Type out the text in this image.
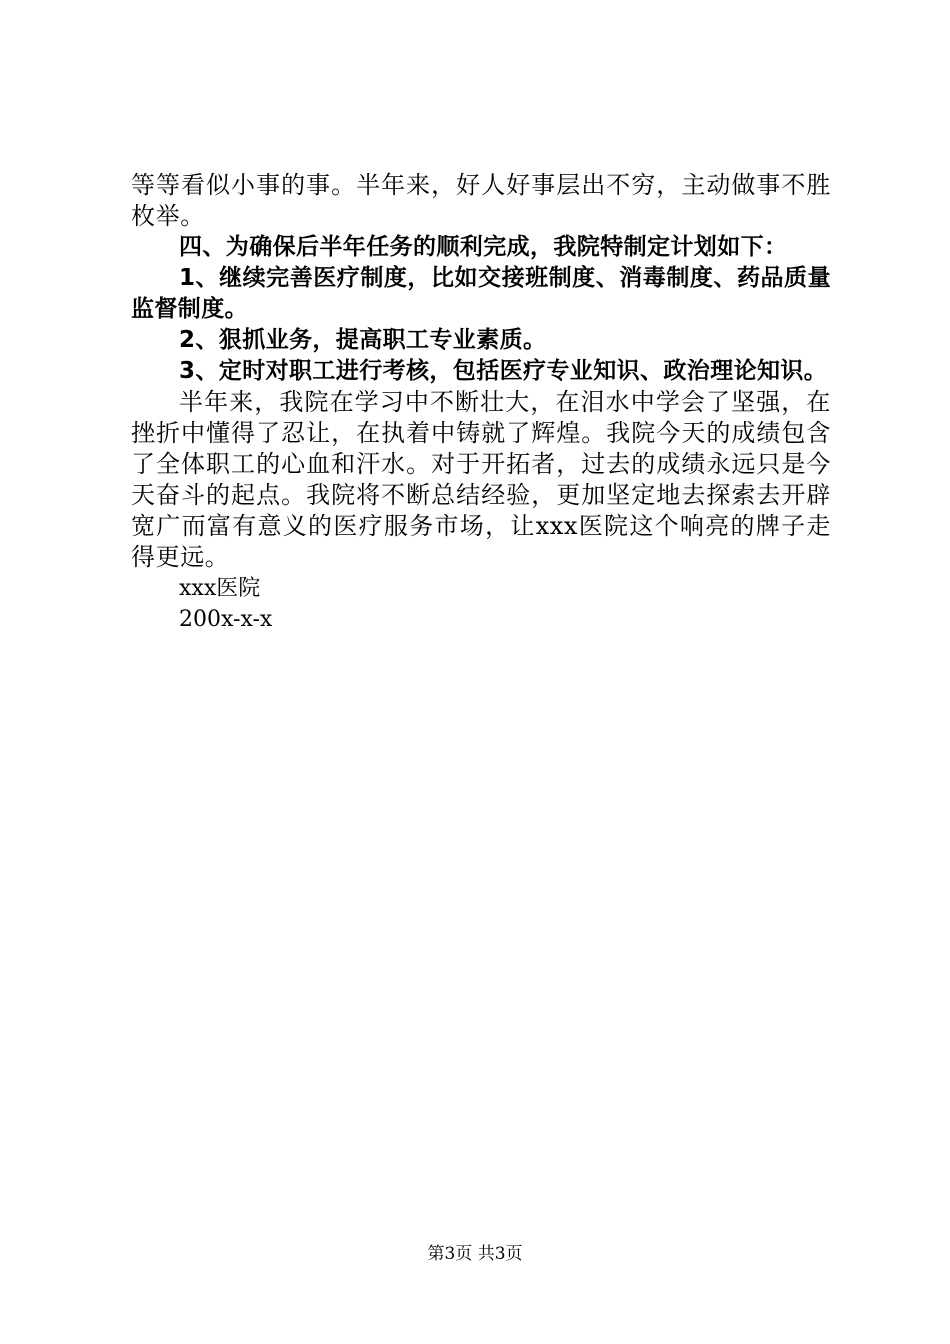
等等看似小事的事。半年来，好人好事层出不穷，主动做事不胜枚举。

四、为确保后半年任务的顺利完成，我院特制定计划如下：

1、继续完善医疗制度，比如交接班制度、消毒制度、药品质量监督制度。

2、狠抓业务，提高职工专业素质。

3、定时对职工进行考核，包括医疗专业知识、政治理论知识。

半年来，我院在学习中不断壮大，在泪水中学会了坚强，在挫折中懂得了忍让，在执着中铸就了辉煌。我院今天的成绩包含了全体职工的心血和汗水。对于开拓者，过去的成绩永远只是今天奋斗的起点。我院将不断总结经验，更加坚定地去探索去开辟宽广而富有意义的医疗服务市场，让xxx医院这个响亮的牌子走得更远。

xxx医院

200x-x-x

第3页 共3页
